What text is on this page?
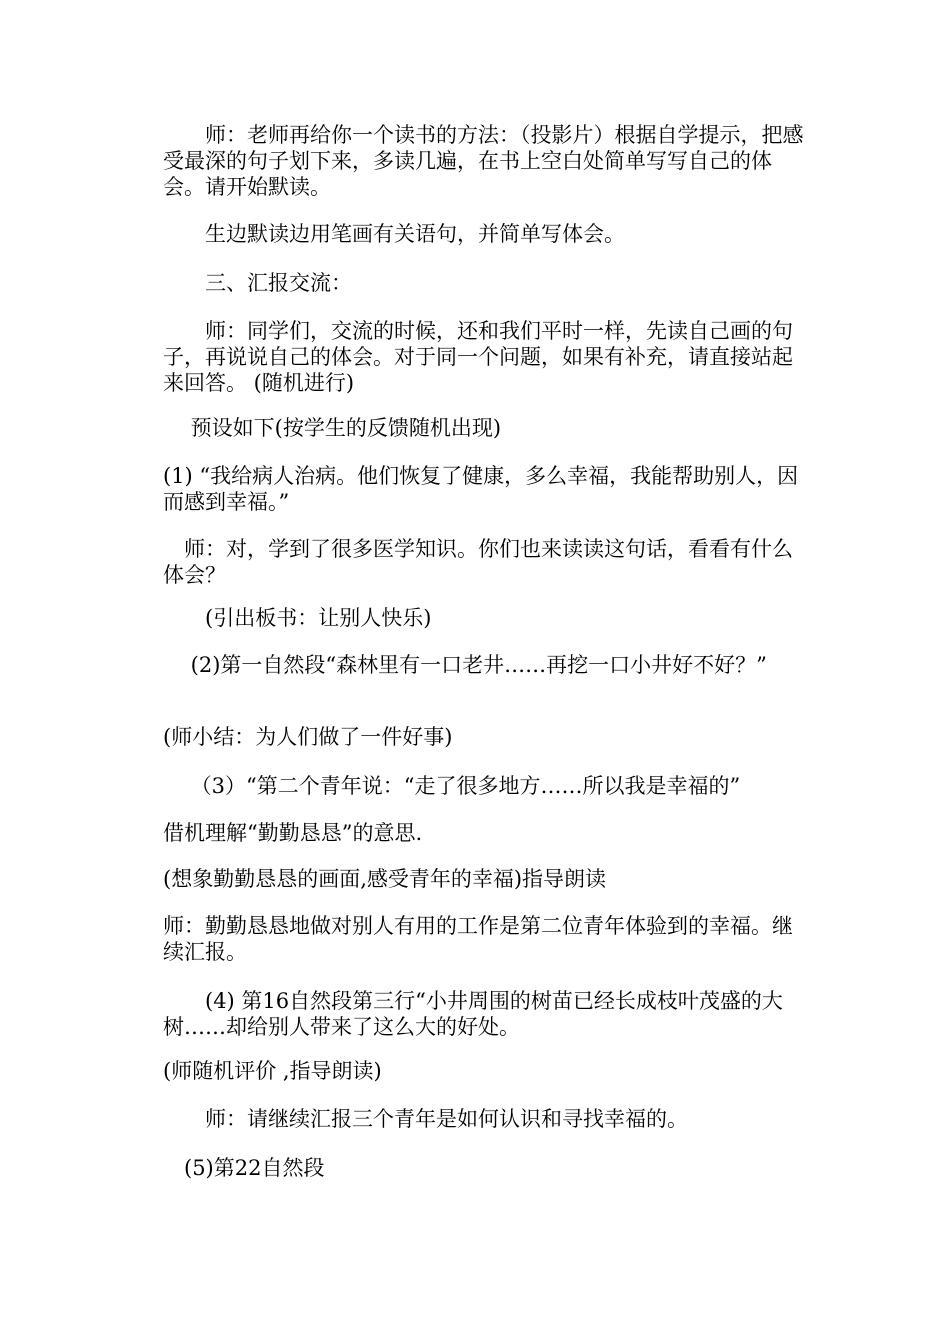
　　师：老师再给你一个读书的方法：（投影片）根据自学提示，把感受最深的句子划下来，多读几遍，在书上空白处简单写写自己的体会。请开始默读。
　　生边默读边用笔画有关语句，并简单写体会。
　　三、汇报交流：
　　师：同学们，交流的时候，还和我们平时一样，先读自己画的句子，再说说自己的体会。对于同一个问题，如果有补充，请直接站起来回答。 (随机进行)
　 预设如下(按学生的反馈随机出现)
(1) “我给病人治病。他们恢复了健康，多么幸福，我能帮助别人，因而感到幸福。”
　师：对，学到了很多医学知识。你们也来读读这句话，看看有什么体会？
　　(引出板书：让别人快乐)
　 (2)第一自然段“森林里有一口老井……再挖一口小井好不好？”
(师小结：为人们做了一件好事)
　 （3）“第二个青年说：“走了很多地方……所以我是幸福的”
借机理解“勤勤恳恳”的意思.
(想象勤勤恳恳的画面,感受青年的幸福)指导朗读
师：勤勤恳恳地做对别人有用的工作是第二位青年体验到的幸福。继续汇报。
　　(4) 第16自然段第三行“小井周围的树苗已经长成枝叶茂盛的大树……却给别人带来了这么大的好处。
(师随机评价 ,指导朗读)
　　师：请继续汇报三个青年是如何认识和寻找幸福的。
　(5)第22自然段
